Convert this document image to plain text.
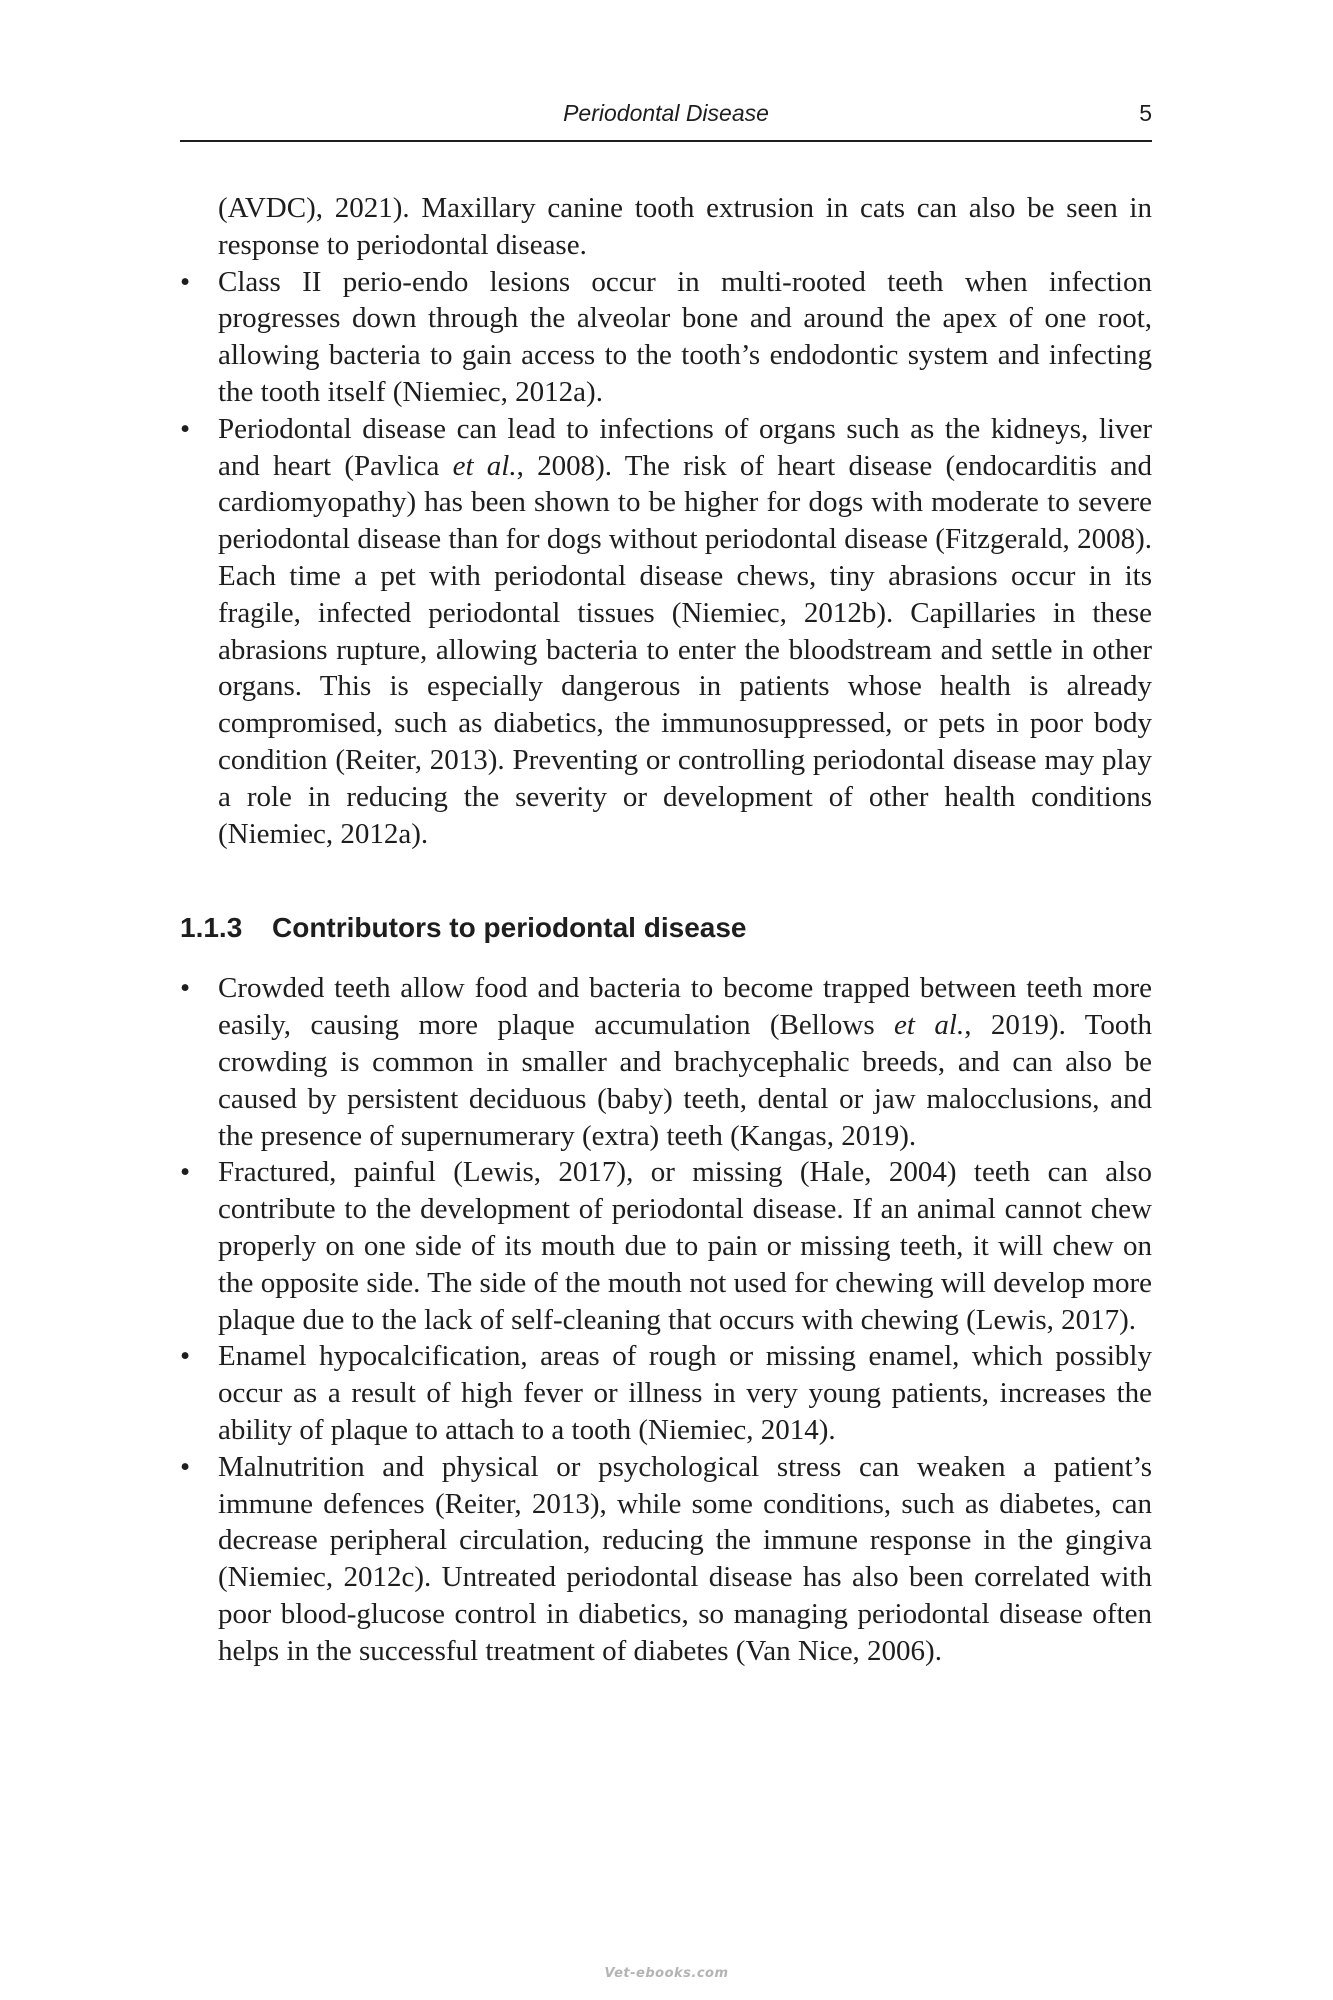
Periodontal Disease	5

(AVDC), 2021). Maxillary canine tooth extrusion in cats can also be seen in response to periodontal disease.

• Class II perio-endo lesions occur in multi-rooted teeth when infection progresses down through the alveolar bone and around the apex of one root, allowing bacteria to gain access to the tooth’s endodontic system and infecting the tooth itself (Niemiec, 2012a).
• Periodontal disease can lead to infections of organs such as the kidneys, liver and heart (Pavlica et al., 2008). The risk of heart disease (endocarditis and cardiomyopathy) has been shown to be higher for dogs with moderate to severe periodontal disease than for dogs without periodontal disease (Fitzgerald, 2008). Each time a pet with periodontal disease chews, tiny abrasions occur in its fragile, infected periodontal tissues (Niemiec, 2012b). Capillaries in these abrasions rupture, allowing bacteria to enter the bloodstream and settle in other organs. This is especially dangerous in patients whose health is already compromised, such as diabetics, the immunosuppressed, or pets in poor body condition (Reiter, 2013). Preventing or controlling periodontal disease may play a role in reducing the severity or development of other health conditions (Niemiec, 2012a).
1.1.3 Contributors to periodontal disease
• Crowded teeth allow food and bacteria to become trapped between teeth more easily, causing more plaque accumulation (Bellows et al., 2019). Tooth crowding is common in smaller and brachycephalic breeds, and can also be caused by persistent deciduous (baby) teeth, dental or jaw malocclusions, and the presence of supernumerary (extra) teeth (Kangas, 2019).
• Fractured, painful (Lewis, 2017), or missing (Hale, 2004) teeth can also contribute to the development of periodontal disease. If an animal cannot chew properly on one side of its mouth due to pain or missing teeth, it will chew on the opposite side. The side of the mouth not used for chewing will develop more plaque due to the lack of self-cleaning that occurs with chewing (Lewis, 2017).
• Enamel hypocalcification, areas of rough or missing enamel, which possibly occur as a result of high fever or illness in very young patients, increases the ability of plaque to attach to a tooth (Niemiec, 2014).
• Malnutrition and physical or psychological stress can weaken a patient’s immune defences (Reiter, 2013), while some conditions, such as diabetes, can decrease peripheral circulation, reducing the immune response in the gingiva (Niemiec, 2012c). Untreated periodontal disease has also been correlated with poor blood-glucose control in diabetics, so managing periodontal disease often helps in the successful treatment of diabetes (Van Nice, 2006).
Vet-ebooks.com
